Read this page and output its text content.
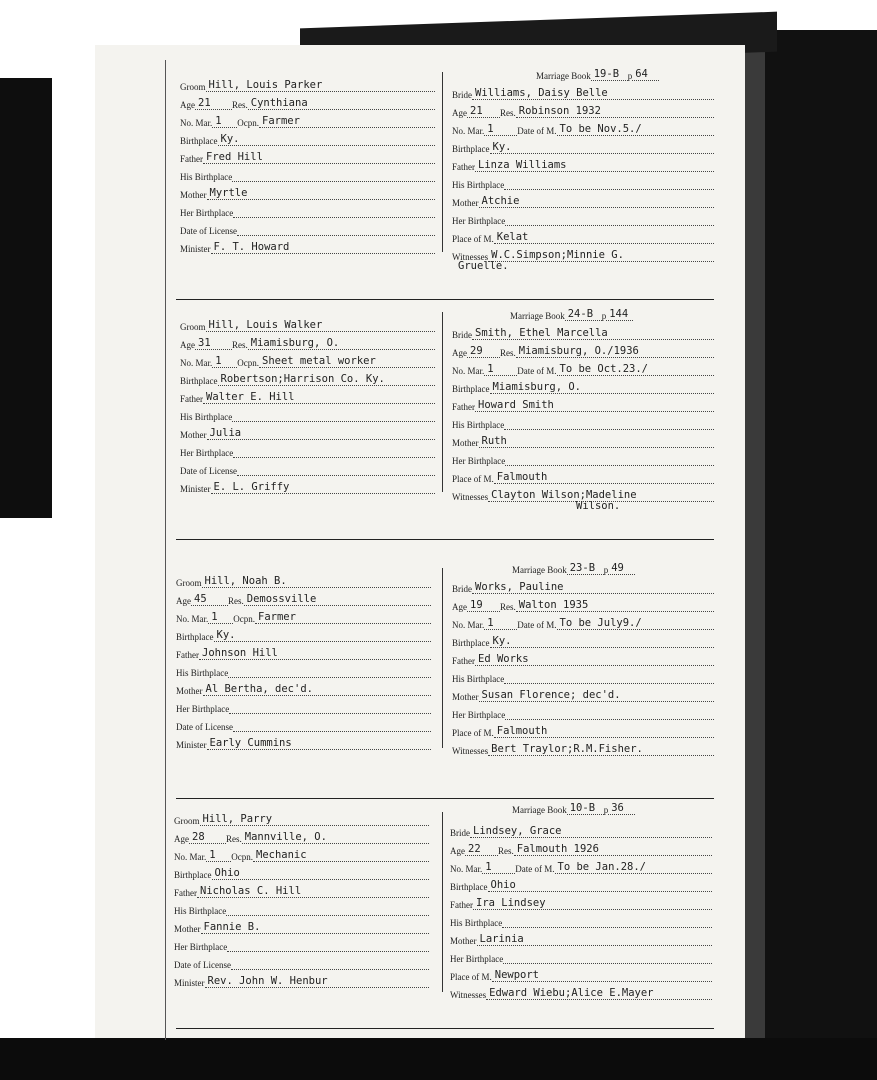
Groom Hill, Louis Parker
Age 21	Res. Cynthiana
No. Mar. 1	Ocpn. Farmer
Birthplace Ky.
Father Fred Hill
His Birthplace
Mother Myrtle
Her Birthplace
Date of License
Minister F. T. Howard
Marriage Book 19-B p 64
Bride Williams, Daisy Belle
Age 21	Res. Robinson 1932
No. Mar. 1	Date of M. To be Nov.5./
Birthplace Ky.
Father Linza Williams
His Birthplace
Mother Atchie
Her Birthplace
Place of M. Kelat
Witnesses W.C.Simpson;Minnie G.
Gruelle.
Groom Hill, Louis Walker
Age 31	Res. Miamisburg, O.
No. Mar. 1	Ocpn. Sheet metal worker
Birthplace Robertson;Harrison Co. Ky.
Father Walter E. Hill
His Birthplace
Mother Julia
Her Birthplace
Date of License
Minister E. L. Griffy
Marriage Book 24-B p 144
Bride Smith, Ethel Marcella
Age 29	Res. Miamisburg, O./1936
No. Mar. 1	Date of M. To be Oct.23./
Birthplace Miamisburg, O.
Father Howard Smith
His Birthplace
Mother Ruth
Her Birthplace
Place of M. Falmouth
Witnesses Clayton Wilson;Madeline
Wilson.
Groom Hill, Noah B.
Age 45	Res. Demossville
No. Mar. 1	Ocpn. Farmer
Birthplace Ky.
Father Johnson Hill
His Birthplace
Mother Al Bertha, dec'd.
Her Birthplace
Date of License
Minister Early Cummins
Marriage Book 23-B p 49
Bride Works, Pauline
Age 19	Res. Walton 1935
No. Mar. 1	Date of M. To be July9./
Birthplace Ky.
Father Ed Works
His Birthplace
Mother Susan Florence; dec'd.
Her Birthplace
Place of M. Falmouth
Witnesses Bert Traylor;R.M.Fisher.
Groom Hill, Parry
Age 28	Res. Mannville, O.
No. Mar. 1	Ocpn. Mechanic
Birthplace Ohio
Father Nicholas C. Hill
His Birthplace
Mother Fannie B.
Her Birthplace
Date of License
Minister Rev. John W. Henbur
Marriage Book 10-B p 36
Bride Lindsey, Grace
Age 22	Res. Falmouth 1926
No. Mar. 1	Date of M. To be Jan.28./
Birthplace Ohio
Father Ira Lindsey
His Birthplace
Mother Larinia
Her Birthplace
Place of M. Newport
Witnesses Edward Wiebu;Alice E.Mayer
